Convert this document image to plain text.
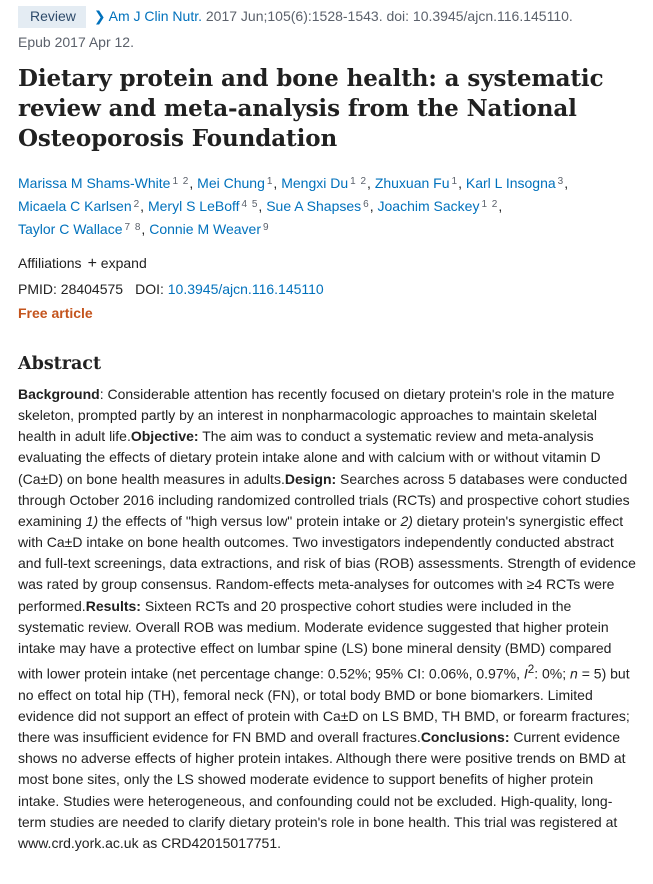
Review ❯ Am J Clin Nutr. 2017 Jun;105(6):1528-1543. doi: 10.3945/ajcn.116.145110.
Epub 2017 Apr 12.
Dietary protein and bone health: a systematic review and meta-analysis from the National Osteoporosis Foundation
Marissa M Shams-White $^{1 2}$, Mei Chung $^1$, Mengxi Du $^{1 2}$, Zhuxuan Fu $^1$, Karl L Insogna $^3$,
Micaela C Karlsen $^2$, Meryl S LeBoff $^{4 5}$, Sue A Shapses $^6$, Joachim Sackey $^{1 2}$,
Taylor C Wallace $^{7 8}$, Connie M Weaver $^9$
Affiliations + expand
PMID: 28404575 DOI: 10.3945/ajcn.116.145110
Free article
Abstract
Background: Considerable attention has recently focused on dietary protein's role in the mature skeleton, prompted partly by an interest in nonpharmacologic approaches to maintain skeletal health in adult life.Objective: The aim was to conduct a systematic review and meta-analysis evaluating the effects of dietary protein intake alone and with calcium with or without vitamin D (Ca±D) on bone health measures in adults.Design: Searches across 5 databases were conducted through October 2016 including randomized controlled trials (RCTs) and prospective cohort studies examining 1) the effects of "high versus low" protein intake or 2) dietary protein's synergistic effect with Ca±D intake on bone health outcomes. Two investigators independently conducted abstract and full-text screenings, data extractions, and risk of bias (ROB) assessments. Strength of evidence was rated by group consensus. Random-effects meta-analyses for outcomes with ≥4 RCTs were performed.Results: Sixteen RCTs and 20 prospective cohort studies were included in the systematic review. Overall ROB was medium. Moderate evidence suggested that higher protein intake may have a protective effect on lumbar spine (LS) bone mineral density (BMD) compared with lower protein intake (net percentage change: 0.52%; 95% CI: 0.06%, 0.97%, $I^2$: 0%; n = 5) but no effect on total hip (TH), femoral neck (FN), or total body BMD or bone biomarkers. Limited evidence did not support an effect of protein with Ca±D on LS BMD, TH BMD, or forearm fractures; there was insufficient evidence for FN BMD and overall fractures.Conclusions: Current evidence shows no adverse effects of higher protein intakes. Although there were positive trends on BMD at most bone sites, only the LS showed moderate evidence to support benefits of higher protein intake. Studies were heterogeneous, and confounding could not be excluded. High-quality, long-term studies are needed to clarify dietary protein's role in bone health. This trial was registered at www.crd.york.ac.uk as CRD42015017751.
